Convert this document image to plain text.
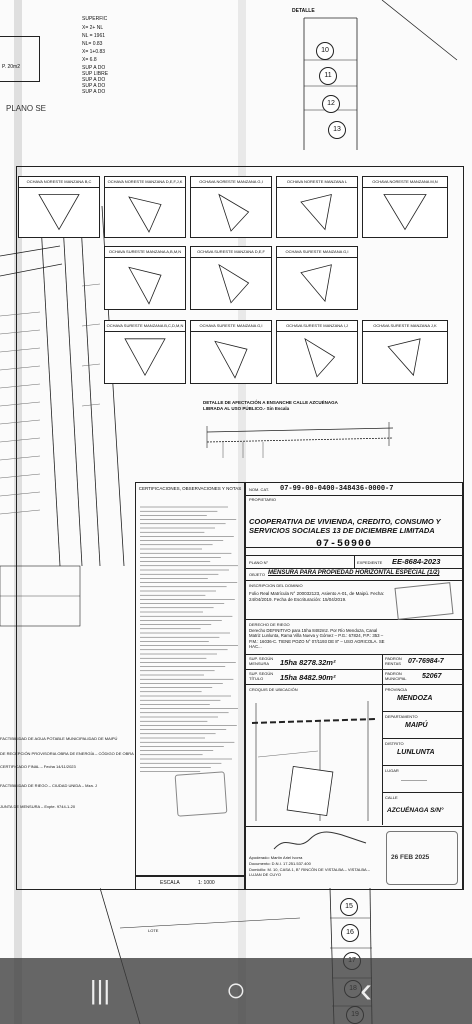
P. 20m2
PLANO SE
SUPERFIC
X= 2+ NL
NL = 1961
NL= 0.83
X= 1+0.83
X= 6.8
SUP A DO
SUP LIBRE
SUP A DO
SUP A DO
SUP A DO
DETALLE
10
11
12
13
OCHAVA NORESTE MANZANA B,C	OCHAVA NORESTE MANZANA D,E,F,J,K	OCHAVA NORESTE MANZANA G,I	OCHAVA NORESTE MANZANA L	OCHAVA NORESTE MANZANA M,N
OCHAVA SURESTE MANZANA A,B,M,N	OCHAVA SURESTE MANZANA D,E,F	OCHAVA SURESTE MANZANA G,I
OCHAVA SURESTE MANZANA B,C,D,M,N	OCHAVA SURESTE MANZANA G,I	OCHAVA SURESTE MANZANA I,J	OCHAVA SURESTE MANZANA J,K
DETALLE DE AFECTACIÓN A ENSANCHE CALLE AZCUÉNAGA
LIBRADA AL USO PÚBLICO.- Sin Escala
CERTIFICACIONES, OBSERVACIONES Y NOTAS
ESCALA	1: 1000
NOM. CAT. 07-99-00-0400-348436-0000-7
PROPIETARIO
COOPERATIVA DE VIVIENDA, CREDITO, CONSUMO Y SERVICIOS SOCIALES 13 DE DICIEMBRE LIMITADA
07-50900
PLANO N°	EXPEDIENTE EE-8684-2023
OBJETO MENSURA PARA PROPIEDAD HORIZONTAL ESPECIAL (1/2)
INSCRIPCION DEL DOMINIO
Folio Real Matrícula N° 200032123, Asiento A-01, de Maipú. Fecha: 24/04/2019. Fecha de Escrituración: 15/04/2019.
DERECHO DE RIEGO
Derecho DEFINITIVO para 15ha 8482m2. Por Río Mendoza, Canal Matriz Lunlunta, Rama Villa Nueva y Gómez – P.G.: 67824, P.P.: 353 – P.M.: 16036-C. TIENE POZO N° 07/1193 DE 8" – USO AGRICOLA. SE HAC...
SUP. SEGÚN MENSURA	15ha 8278.32m²	PADRON RENTAS	07-76984-7
SUP. SEGÚN TÍTULO	15ha 8482.90m²	PADRON MUNICIPAL	52067
CROQUIS DE UBICACIÓN	PROVINCIA
MENDOZA
DEPARTAMENTO
MAIPÚ
DISTRITO
LUNLUNTA
LUGAR
-------------
CALLE
AZCUÉNAGA S/N°
Apoderado: Martín Ariel Ivorra
Documento: D.N.I. 17.251.537.400
Domicilio: M. 10, CASA 1, B° RINCÓN DE VISTALBA – VISTALBA – LUJAN DE CUYO
26 FEB 2025
FACTIBILIDAD DE AGUA POTABLE MUNICIPALIDAD DE MAIPÚ
DE RECEPCIÓN PROVISORIA OBRA DE ENERGÍA – CÓDIGO DE OBRA
CERTIFICADO FINAL – Fecha 14/11/2023
FACTIBILIDAD DE RIEGO – CIUDAD UNIDA – Mza. J
JUNTA DE MENSURA – Expte. 9744-1-20
LOTE
15
16
|||	○	‹
